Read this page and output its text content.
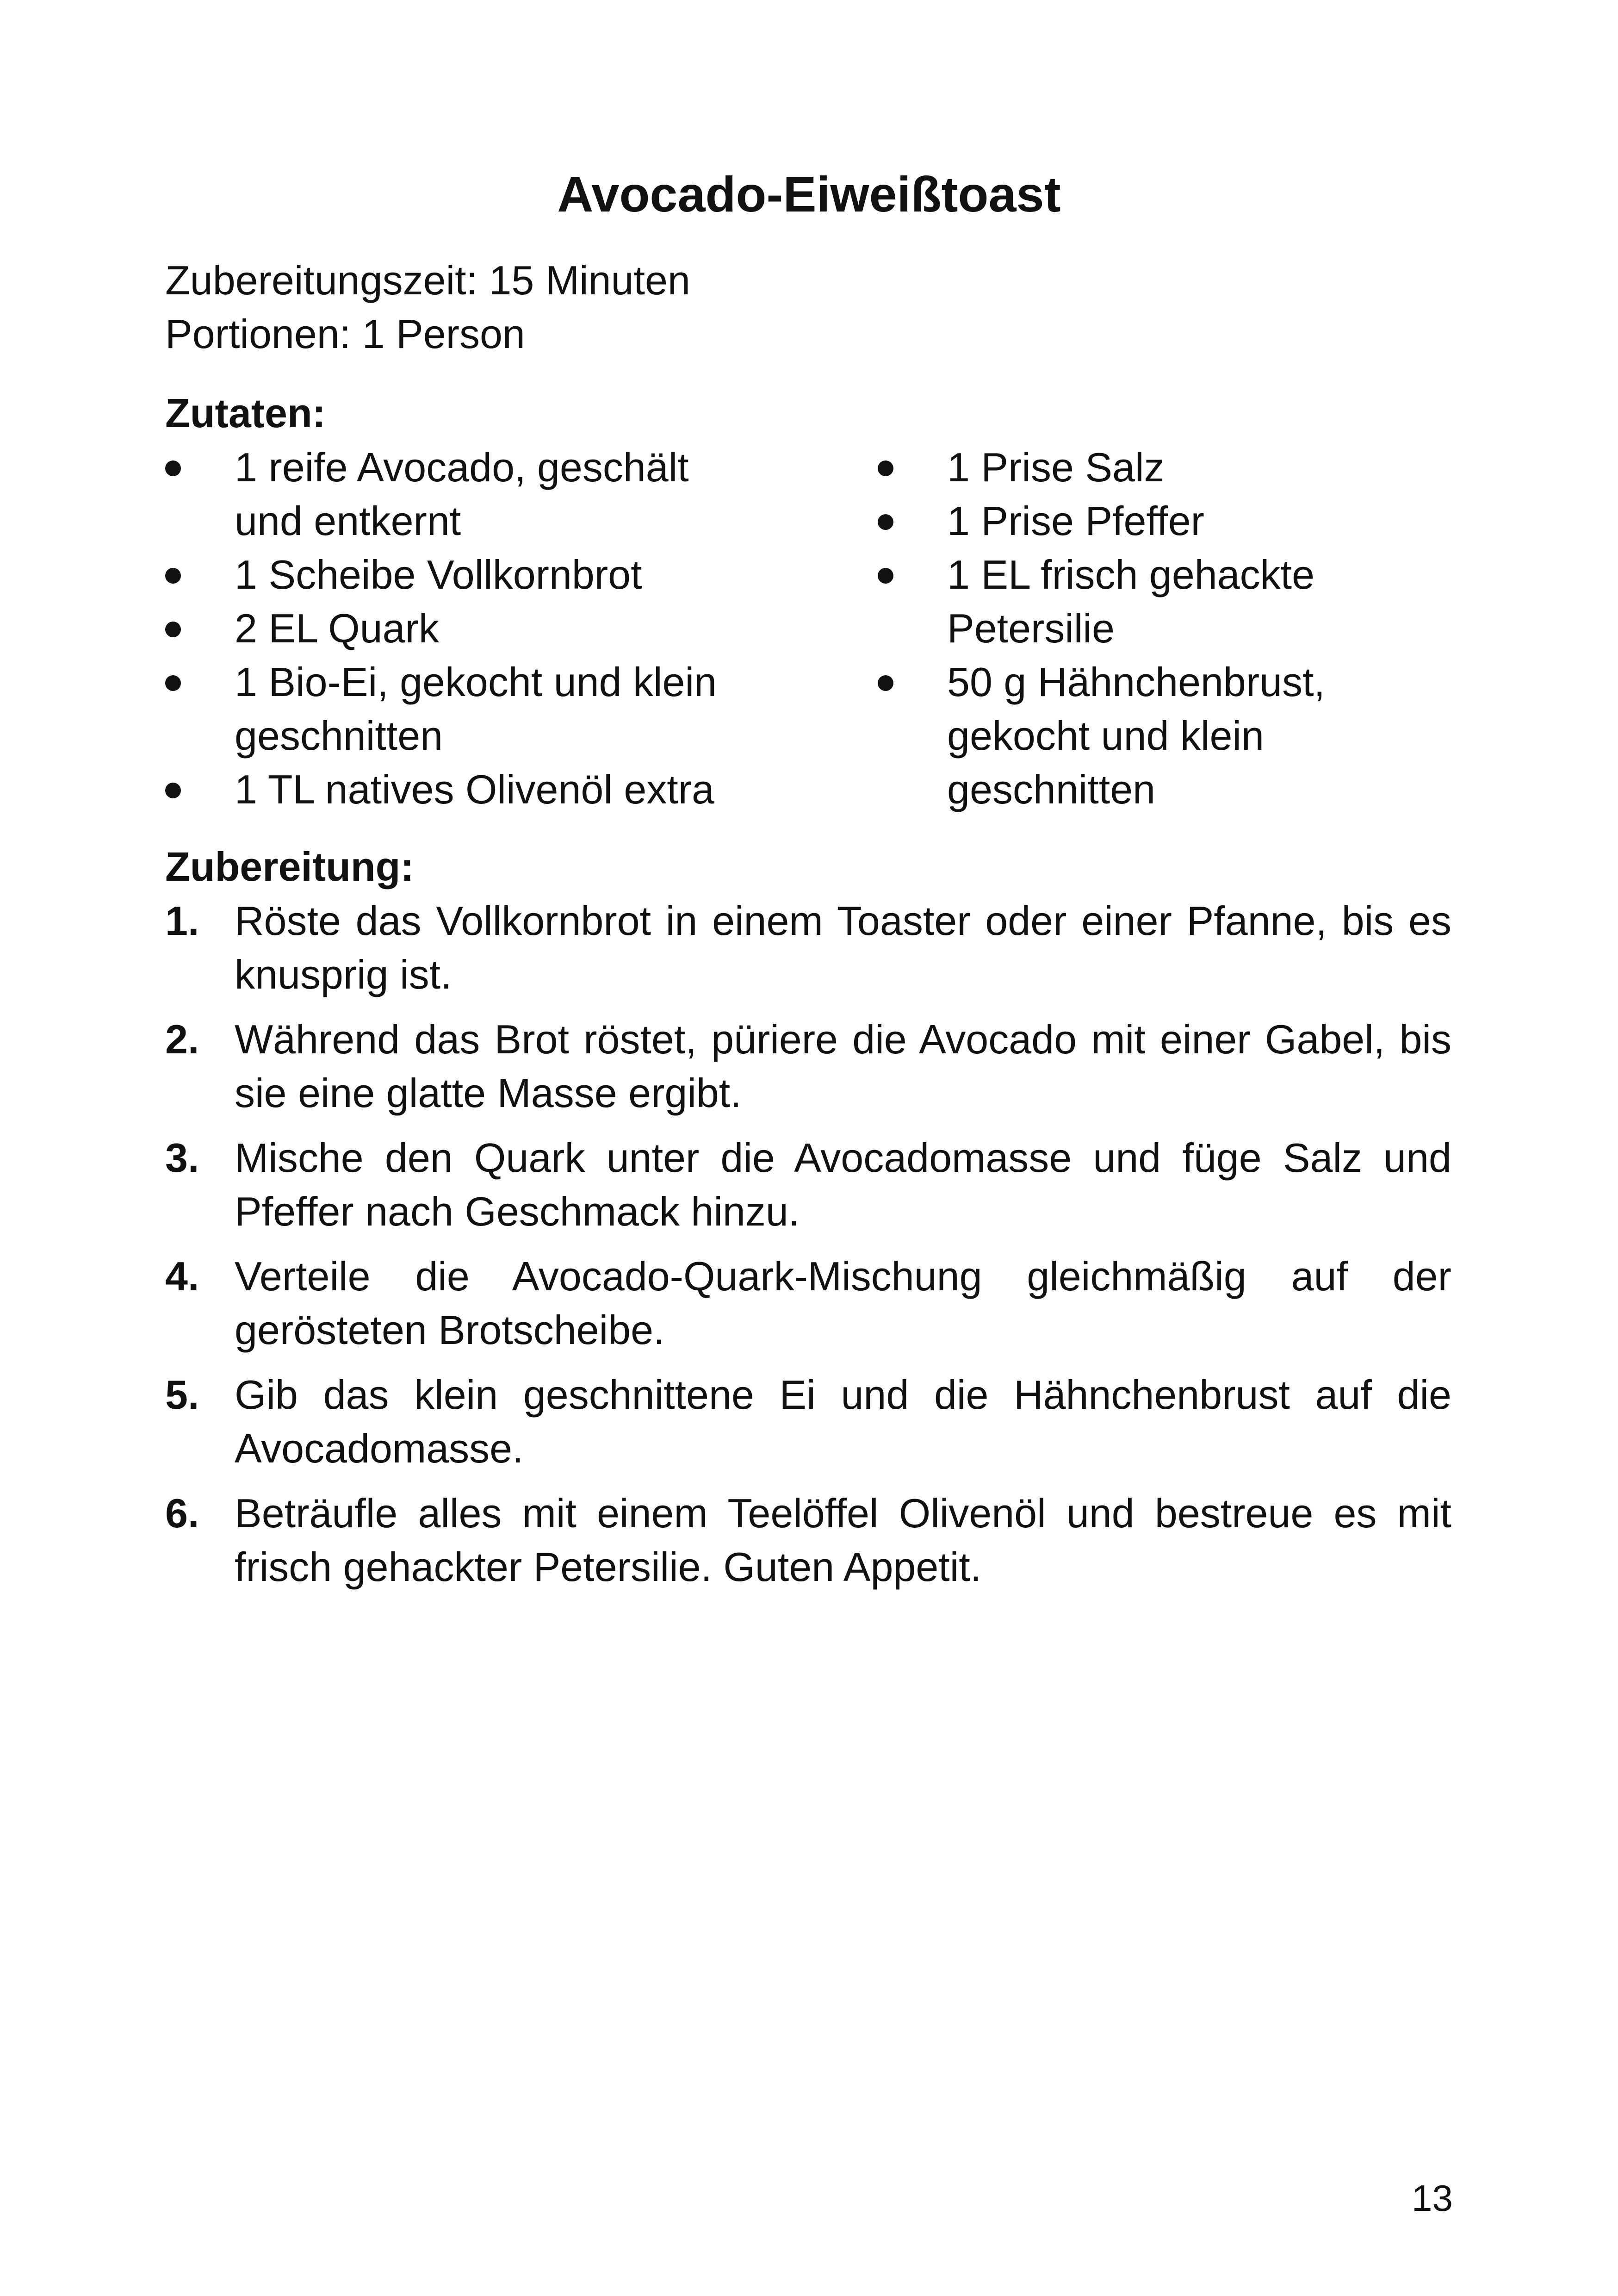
Avocado-Eiweißtoast
Zubereitungszeit: 15 Minuten
Portionen: 1 Person
Zutaten:
1 reife Avocado, geschält und entkernt
1 Scheibe Vollkornbrot
2 EL Quark
1 Bio-Ei, gekocht und klein geschnitten
1 TL natives Olivenöl extra
1 Prise Salz
1 Prise Pfeffer
1 EL frisch gehackte Petersilie
50 g Hähnchenbrust, gekocht und klein geschnitten
Zubereitung:
1. Röste das Vollkornbrot in einem Toaster oder einer Pfanne, bis es knusprig ist.
2. Während das Brot röstet, püriere die Avocado mit einer Gabel, bis sie eine glatte Masse ergibt.
3. Mische den Quark unter die Avocadomasse und füge Salz und Pfeffer nach Geschmack hinzu.
4. Verteile die Avocado-Quark-Mischung gleichmäßig auf der gerösteten Brotscheibe.
5. Gib das klein geschnittene Ei und die Hähnchenbrust auf die Avocadomasse.
6. Beträufle alles mit einem Teelöffel Olivenöl und bestreue es mit frisch gehackter Petersilie. Guten Appetit.
13
